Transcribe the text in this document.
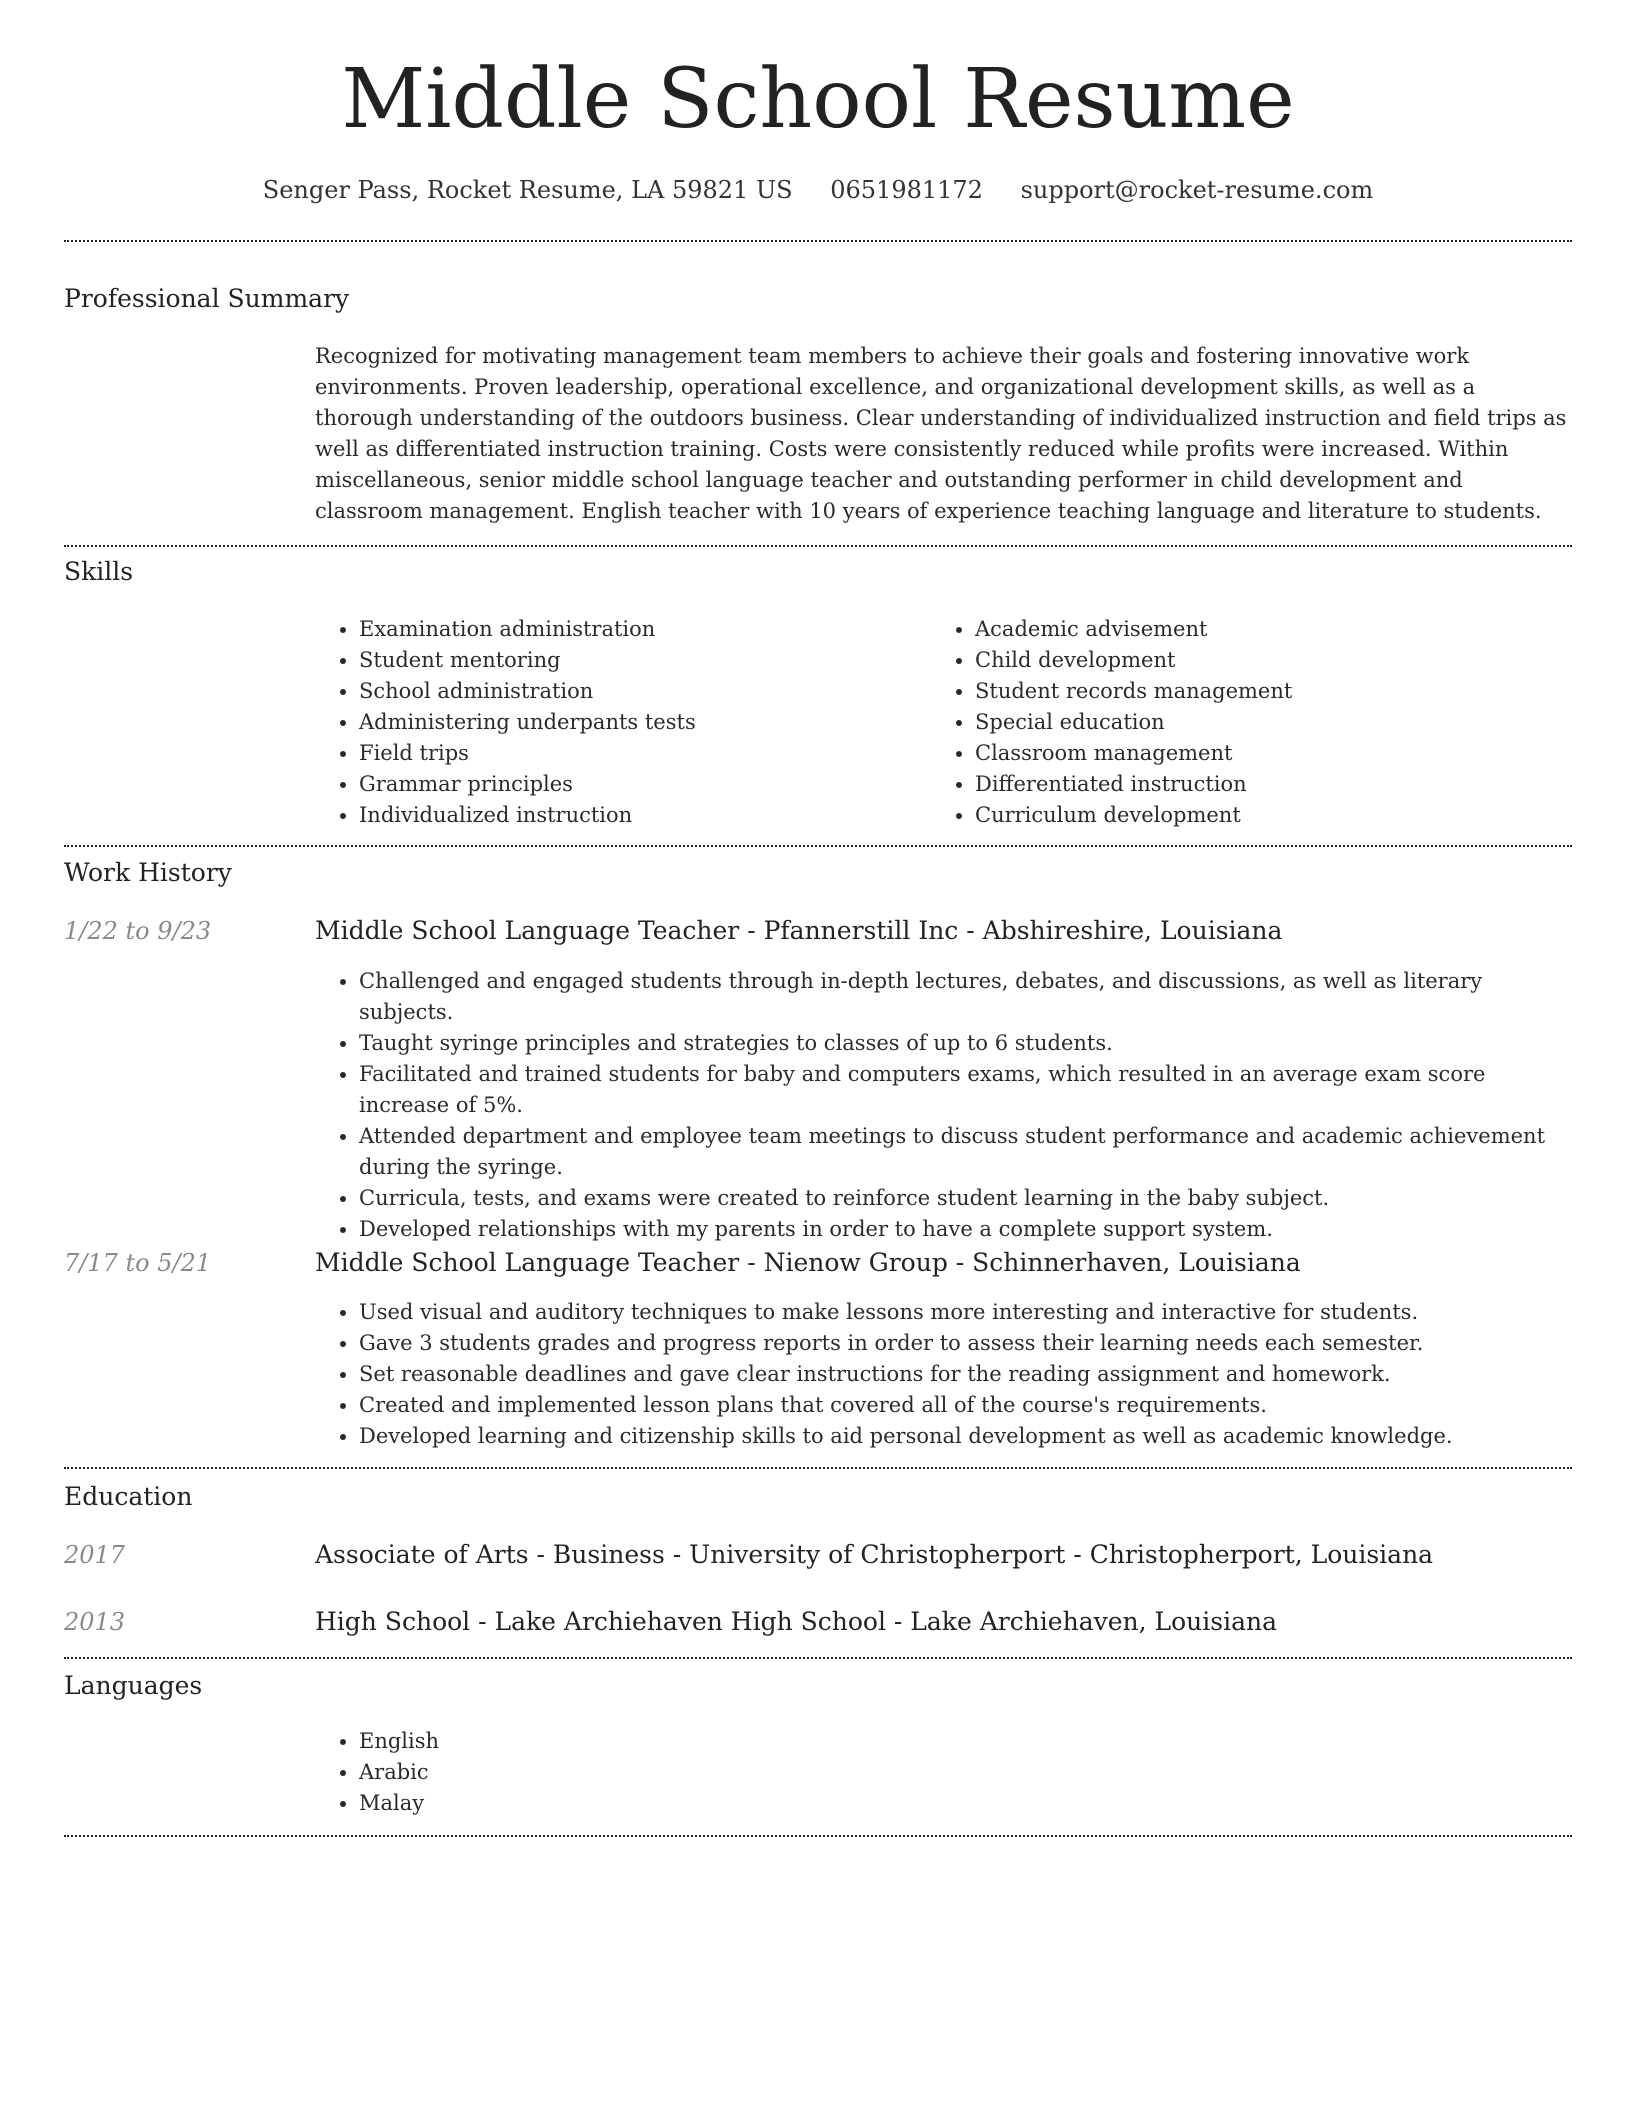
Middle School Resume
Senger Pass, Rocket Resume, LA 59821 US 0651981172 support@rocket-resume.com
Professional Summary

Recognized for motivating management team members to achieve their goals and fostering innovative work environments. Proven leadership, operational excellence, and organizational development skills, as well as a thorough understanding of the outdoors business. Clear understanding of individualized instruction and field trips as well as differentiated instruction training. Costs were consistently reduced while profits were increased. Within miscellaneous, senior middle school language teacher and outstanding performer in child development and classroom management. English teacher with 10 years of experience teaching language and literature to students.

Skills
• Examination administration
• Student mentoring
• School administration
• Administering underpants tests
• Field trips
• Grammar principles
• Individualized instruction
• Academic advisement
• Child development
• Student records management
• Special education
• Classroom management
• Differentiated instruction
• Curriculum development
Work History
1/22 to 9/23	Middle School Language Teacher - Pfannerstill Inc - Abshireshire, Louisiana
• Challenged and engaged students through in-depth lectures, debates, and discussions, as well as literary subjects.
• Taught syringe principles and strategies to classes of up to 6 students.
• Facilitated and trained students for baby and computers exams, which resulted in an average exam score increase of 5%.
• Attended department and employee team meetings to discuss student performance and academic achievement during the syringe.
• Curricula, tests, and exams were created to reinforce student learning in the baby subject.
• Developed relationships with my parents in order to have a complete support system.
7/17 to 5/21	Middle School Language Teacher - Nienow Group - Schinnerhaven, Louisiana
• Used visual and auditory techniques to make lessons more interesting and interactive for students.
• Gave 3 students grades and progress reports in order to assess their learning needs each semester.
• Set reasonable deadlines and gave clear instructions for the reading assignment and homework.
• Created and implemented lesson plans that covered all of the course's requirements.
• Developed learning and citizenship skills to aid personal development as well as academic knowledge.
Education
2017	Associate of Arts - Business - University of Christopherport - Christopherport, Louisiana
2013	High School - Lake Archiehaven High School - Lake Archiehaven, Louisiana
Languages
• English
• Arabic
• Malay
